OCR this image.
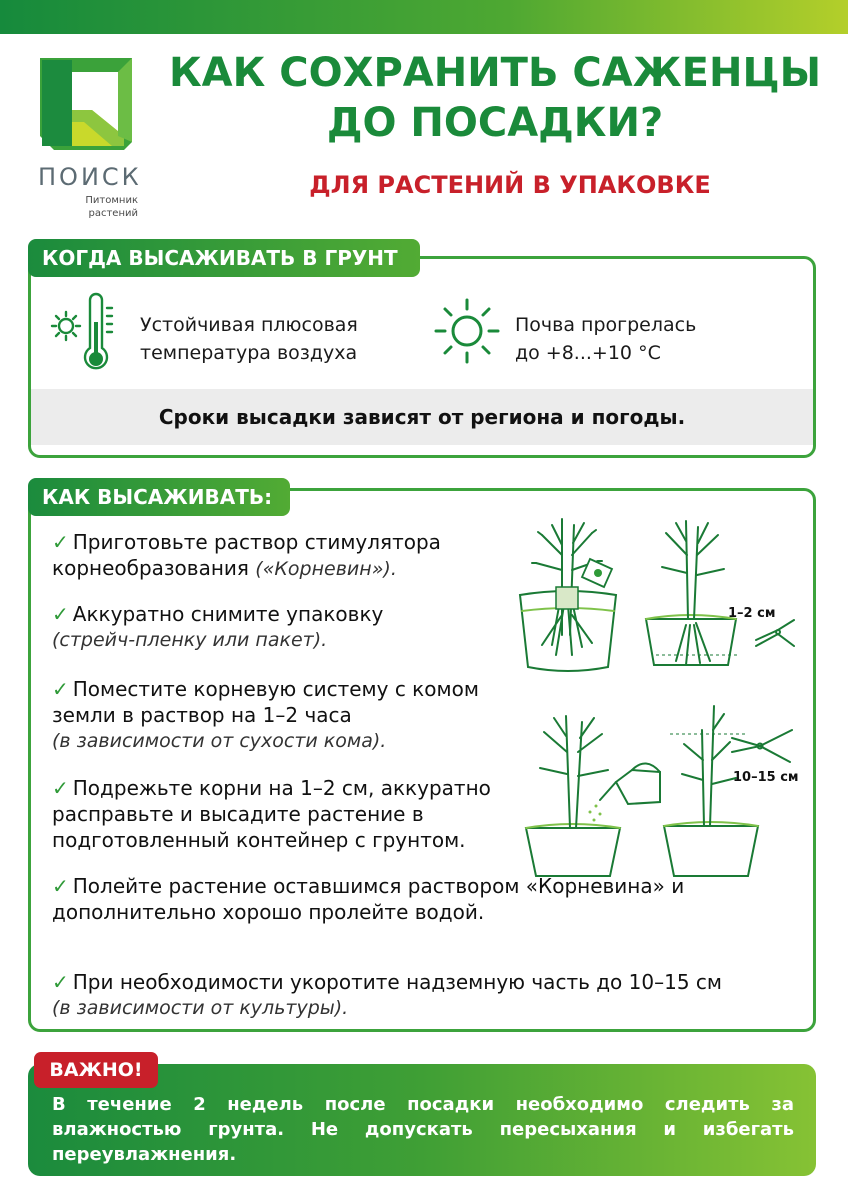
ПОИСК
Питомник
растений
КАК СОХРАНИТЬ САЖЕНЦЫ
ДО ПОСАДКИ?
ДЛЯ РАСТЕНИЙ В УПАКОВКЕ
КОГДА ВЫСАЖИВАТЬ В ГРУНТ
Устойчивая плюсовая
температура воздуха
Почва прогрелась
до +8...+10 °C
Сроки высадки зависят от региона и погоды.
КАК ВЫСАЖИВАТЬ:
✓ Приготовьте раствор стимулятора корнеобразования («Корневин»).
✓ Аккуратно снимите упаковку
(стрейч-пленку или пакет).
✓ Поместите корневую систему с комом земли в раствор на 1–2 часа
(в зависимости от сухости кома).
✓ Подрежьте корни на 1–2 см, аккуратно расправьте и высадите растение в подготовленный контейнер с грунтом.
✓ Полейте растение оставшимся раствором «Корневина» и дополнительно хорошо пролейте водой.
✓ При необходимости укоротите надземную часть до 10–15 см
(в зависимости от культуры).
1–2 см
10–15 см
ВАЖНО!
В течение 2 недель после посадки необходимо следить за влажностью грунта. Не допускать пересыхания и избегать переувлажнения.
